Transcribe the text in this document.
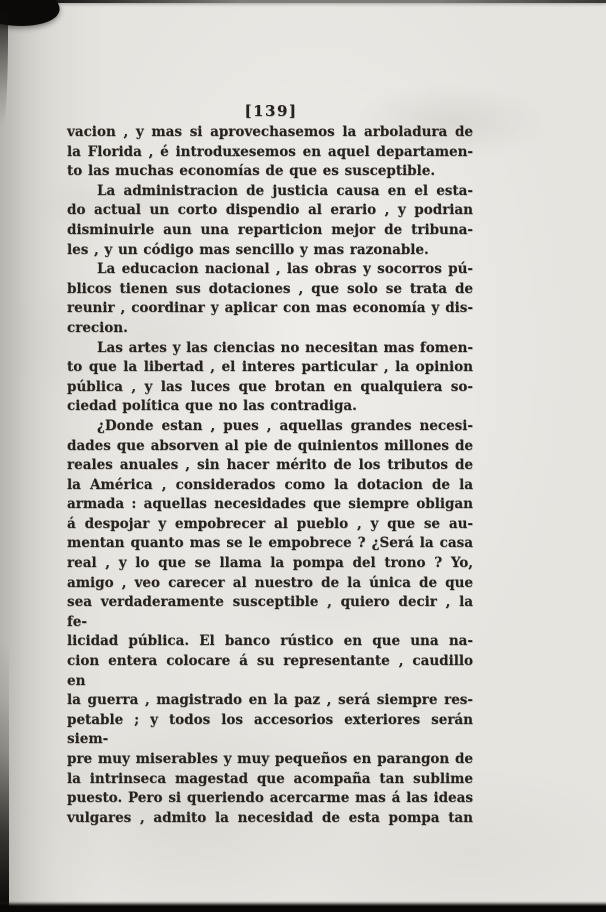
[139]
vacion , y mas si aprovechasemos la arboladura de
la Florida , é introduxesemos en aquel departamen-
to las muchas economías de que es susceptible.
La administracion de justicia causa en el esta-
do actual un corto dispendio al erario , y podrian
disminuirle aun una reparticion mejor de tribuna-
les , y un código mas sencillo y mas razonable.
La educacion nacional , las obras y socorros pú-
blicos tienen sus dotaciones , que solo se trata de
reunir , coordinar y aplicar con mas economía y dis-
crecion.
Las artes y las ciencias no necesitan mas fomen-
to que la libertad , el interes particular , la opinion
pública , y las luces que brotan en qualquiera so-
ciedad política que no las contradiga.
¿Donde estan , pues , aquellas grandes necesi-
dades que absorven al pie de quinientos millones de
reales anuales , sin hacer mérito de los tributos de
la América , considerados como la dotacion de la
armada : aquellas necesidades que siempre obligan
á despojar y empobrecer al pueblo , y que se au-
mentan quanto mas se le empobrece ? ¿Será la casa
real , y lo que se llama la pompa del trono ? Yo,
amigo , veo carecer al nuestro de la única de que
sea verdaderamente susceptible , quiero decir , la fe-
licidad pública. El banco rústico en que una na-
cion entera colocare á su representante , caudillo en
la guerra , magistrado en la paz , será siempre res-
petable ; y todos los accesorios exteriores serán siem-
pre muy miserables y muy pequeños en parangon de
la intrinseca magestad que acompaña tan sublime
puesto. Pero si queriendo acercarme mas á las ideas
vulgares , admito la necesidad de esta pompa tan
